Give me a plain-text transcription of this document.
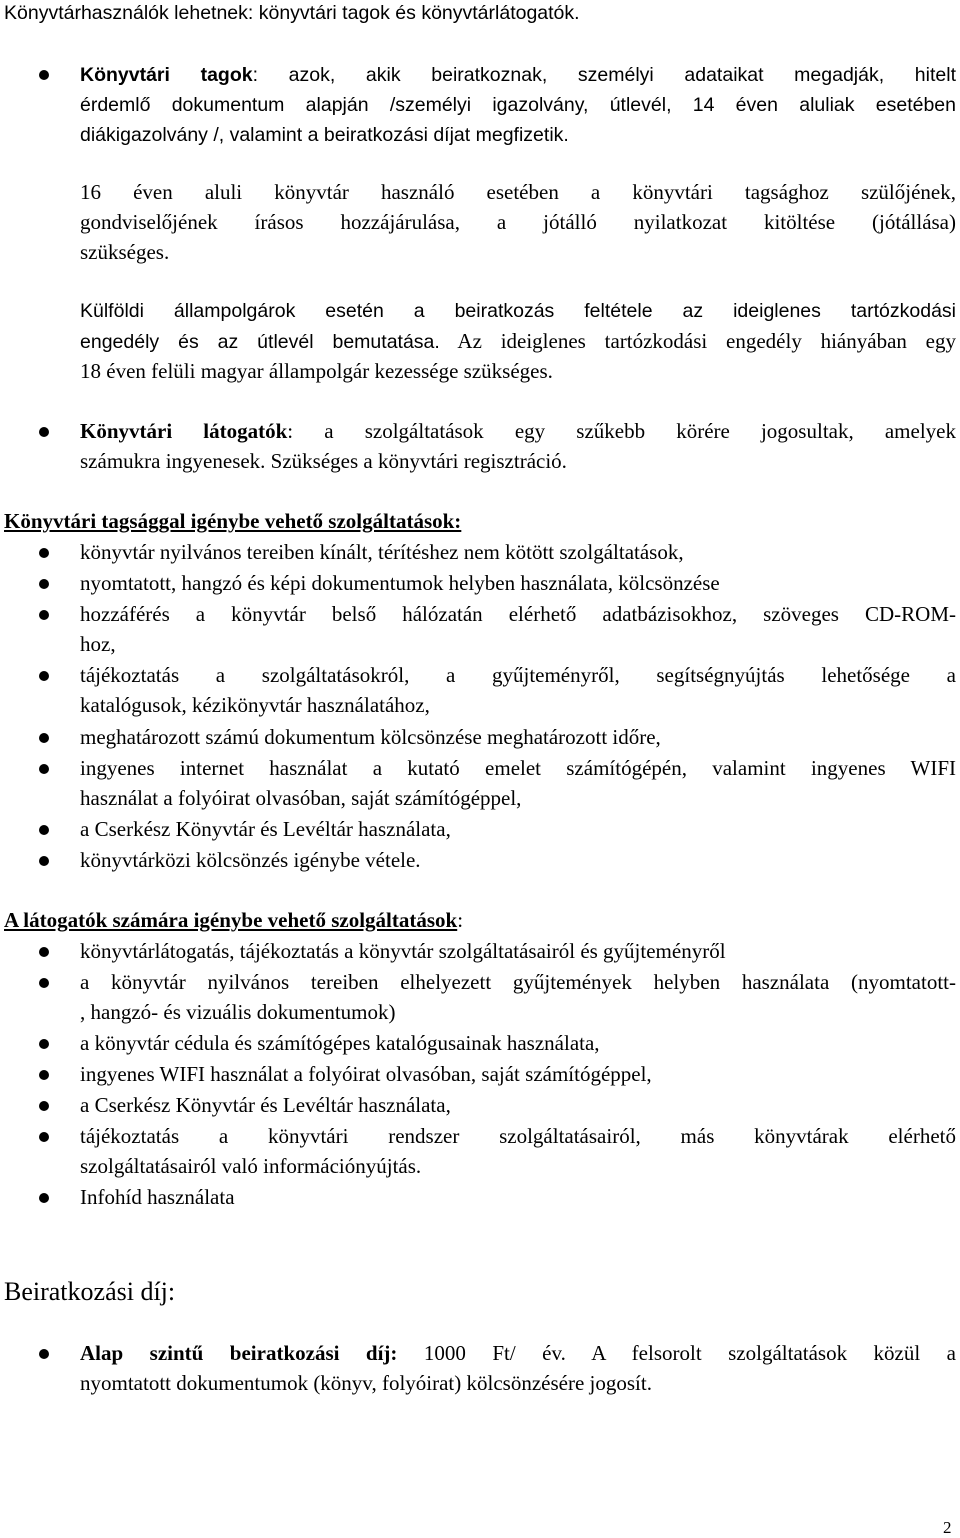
Könyvtárhasználók lehetnek: könyvtári tagok és könyvtárlátogatók.
Könyvtári tagok: azok, akik beiratkoznak, személyi adataikat megadják, hitelt
érdemlő dokumentum alapján /személyi igazolvány, útlevél, 14 éven aluliak esetében
diákigazolvány /, valamint a beiratkozási díjat megfizetik.
16 éven aluli könyvtár használó esetében a könyvtári tagsághoz szülőjének,
gondviselőjének írásos hozzájárulása, a jótálló nyilatkozat kitöltése (jótállása)
szükséges.
Külföldi állampolgárok esetén a beiratkozás feltétele az ideiglenes tartózkodási
engedély és az útlevél bemutatása. Az ideiglenes tartózkodási engedély hiányában egy
18 éven felüli magyar állampolgár kezessége szükséges.
Könyvtári látogatók: a szolgáltatások egy szűkebb körére jogosultak, amelyek
számukra ingyenesek. Szükséges a könyvtári regisztráció.
Könyvtári tagsággal igénybe vehető szolgáltatások:
könyvtár nyilvános tereiben kínált, térítéshez nem kötött szolgáltatások,
nyomtatott, hangzó és képi dokumentumok helyben használata, kölcsönzése
hozzáférés a könyvtár belső hálózatán elérhető adatbázisokhoz, szöveges CD-ROM-
hoz,
tájékoztatás a szolgáltatásokról, a gyűjteményről, segítségnyújtás lehetősége a
katalógusok, kézikönyvtár használatához,
meghatározott számú dokumentum kölcsönzése meghatározott időre,
ingyenes internet használat a kutató emelet számítógépén, valamint ingyenes WIFI
használat a folyóirat olvasóban, saját számítógéppel,
a Cserkész Könyvtár és Levéltár használata,
könyvtárközi kölcsönzés igénybe vétele.
A látogatók számára igénybe vehető szolgáltatások:
könyvtárlátogatás, tájékoztatás a könyvtár szolgáltatásairól és gyűjteményről
a könyvtár nyilvános tereiben elhelyezett gyűjtemények helyben használata (nyomtatott-
, hangzó- és vizuális dokumentumok)
a könyvtár cédula és számítógépes katalógusainak használata,
ingyenes WIFI használat a folyóirat olvasóban, saját számítógéppel,
a Cserkész Könyvtár és Levéltár használata,
tájékoztatás a könyvtári rendszer szolgáltatásairól, más könyvtárak elérhető
szolgáltatásairól való információnyújtás.
Infohíd használata
Beiratkozási díj:
Alap szintű beiratkozási díj: 1000 Ft/ év. A felsorolt szolgáltatások közül a
nyomtatott dokumentumok (könyv, folyóirat) kölcsönzésére jogosít.
2
